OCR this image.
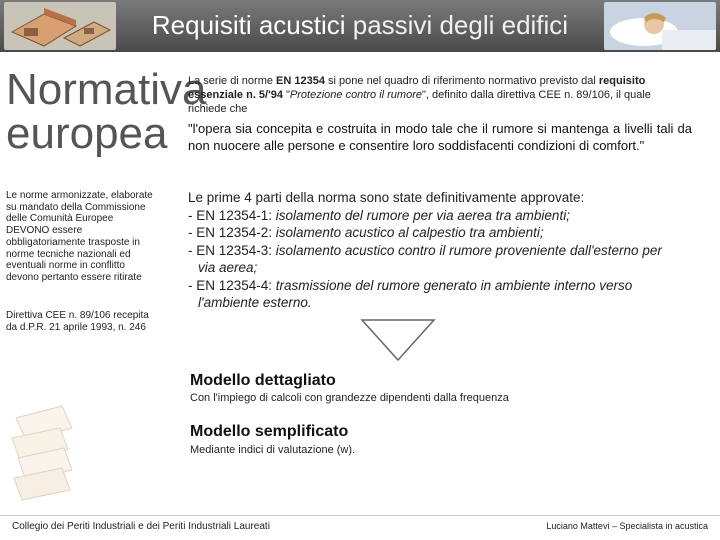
Requisiti acustici passivi degli edifici
Normativa
europea
La serie di norme EN 12354 si pone nel quadro di riferimento normativo previsto dal requisito essenziale n. 5/'94 "Protezione contro il rumore", definito dalla direttiva CEE n. 89/106, il quale richiede che
"l'opera sia concepita e costruita in modo tale che il rumore si mantenga a livelli tali da non nuocere alle persone e consentire loro soddisfacenti condizioni di comfort."
Le norme armonizzate, elaborate su mandato della Commissione delle Comunità Europee DEVONO essere obbligatoriamente trasposte in norme tecniche nazionali ed eventuali norme in conflitto devono pertanto essere ritirate
Direttiva CEE n. 89/106 recepita da d.P.R. 21 aprile 1993, n. 246
Le prime 4 parti della norma sono state definitivamente approvate:
- EN 12354-1: isolamento del rumore per via aerea tra ambienti;
- EN 12354-2: isolamento acustico al calpestio tra ambienti;
- EN 12354-3: isolamento acustico contro il rumore proveniente dall'esterno per
via aerea;
- EN 12354-4: trasmissione del rumore generato in ambiente interno verso
l'ambiente esterno.
Modello dettagliato
Con l'impiego di calcoli con grandezze dipendenti dalla frequenza
Modello semplificato
Mediante indici di valutazione (w).
Collegio dei Periti Industriali e dei Periti Industriali Laureati	Luciano Mattevi – Specialista in acustica
